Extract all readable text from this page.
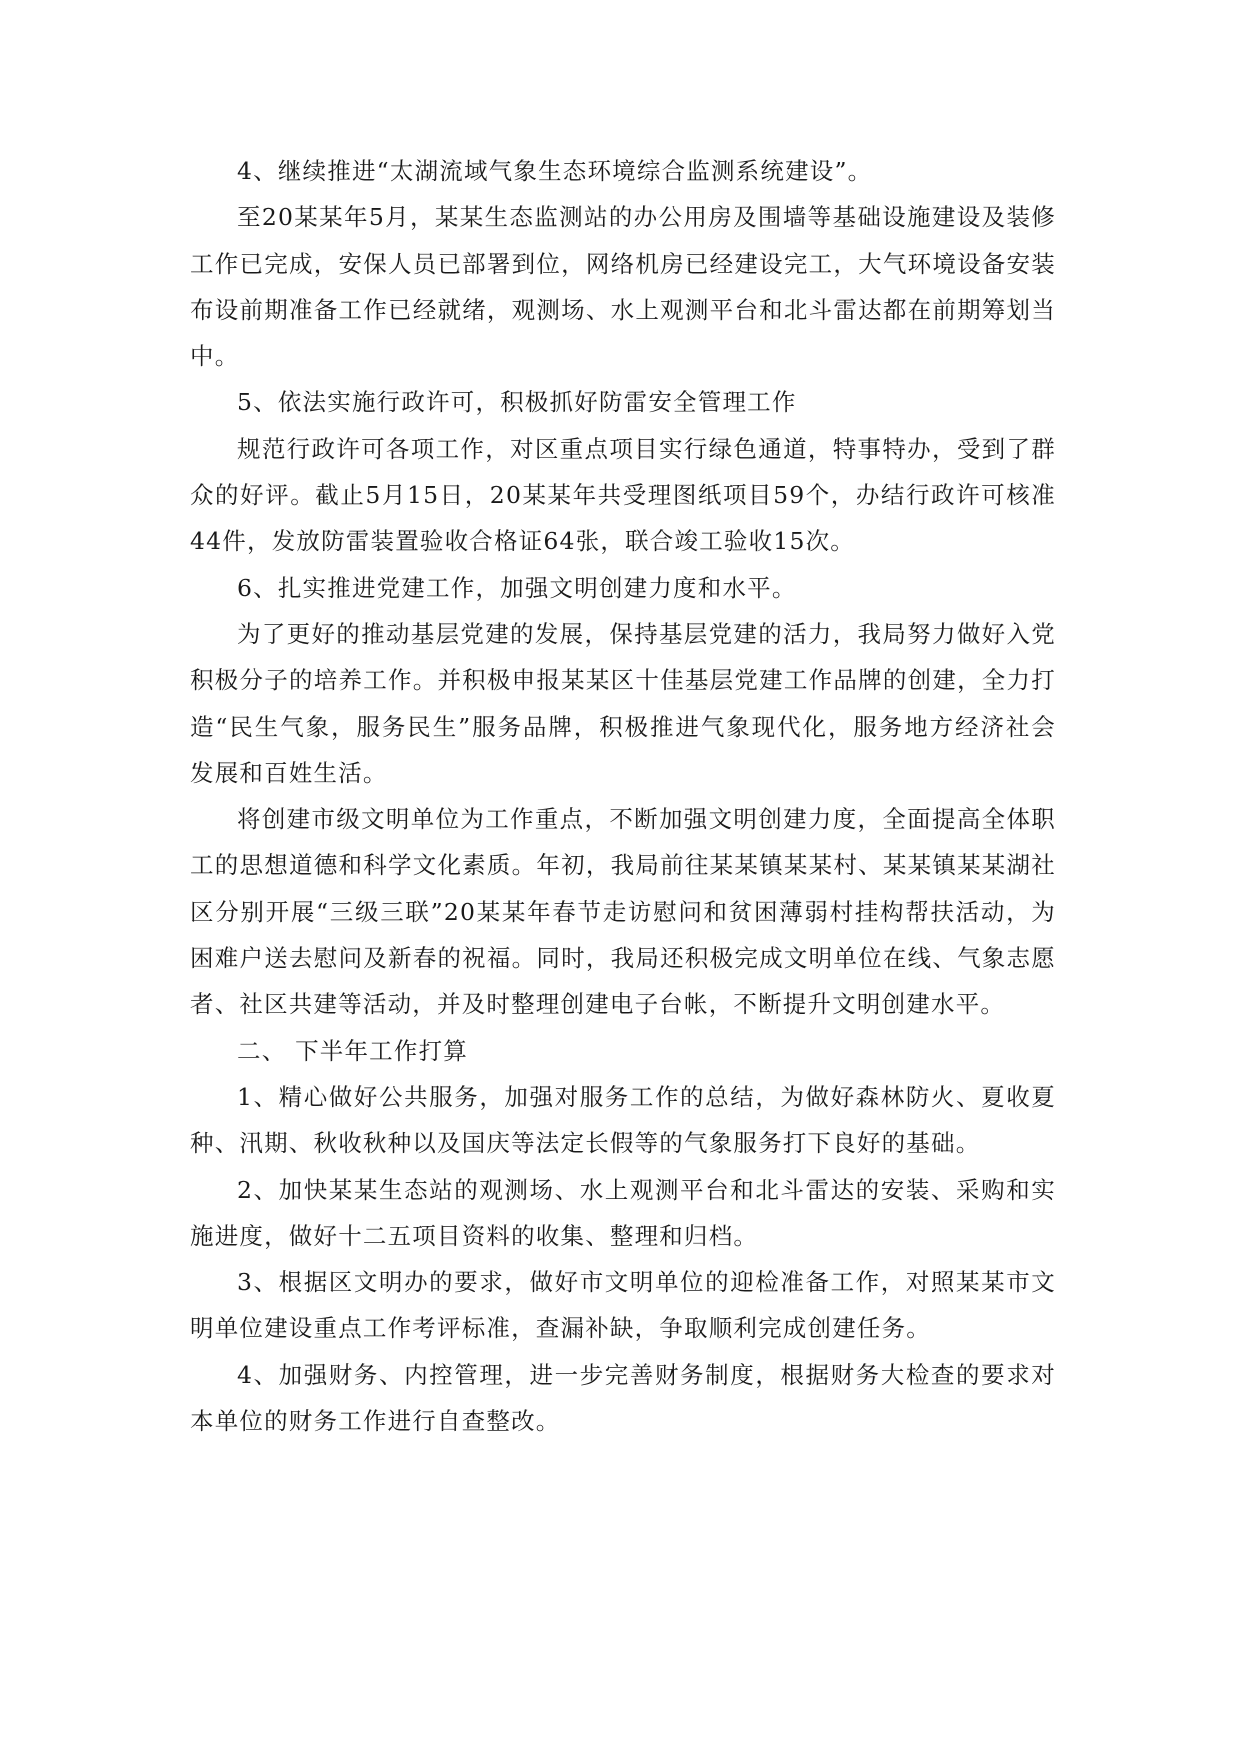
4、继续推进“太湖流域气象生态环境综合监测系统建设”。

至20某某年5月，某某生态监测站的办公用房及围墙等基础设施建设及装修工作已完成，安保人员已部署到位，网络机房已经建设完工，大气环境设备安装布设前期准备工作已经就绪，观测场、水上观测平台和北斗雷达都在前期筹划当中。

5、依法实施行政许可，积极抓好防雷安全管理工作

规范行政许可各项工作，对区重点项目实行绿色通道，特事特办，受到了群众的好评。截止5月15日，20某某年共受理图纸项目59个，办结行政许可核准44件，发放防雷装置验收合格证64张，联合竣工验收15次。

6、扎实推进党建工作，加强文明创建力度和水平。

为了更好的推动基层党建的发展，保持基层党建的活力，我局努力做好入党积极分子的培养工作。并积极申报某某区十佳基层党建工作品牌的创建，全力打造“民生气象，服务民生”服务品牌，积极推进气象现代化，服务地方经济社会发展和百姓生活。

将创建市级文明单位为工作重点，不断加强文明创建力度，全面提高全体职工的思想道德和科学文化素质。年初，我局前往某某镇某某村、某某镇某某湖社区分别开展“三级三联”20某某年春节走访慰问和贫困薄弱村挂构帮扶活动，为困难户送去慰问及新春的祝福。同时，我局还积极完成文明单位在线、气象志愿者、社区共建等活动，并及时整理创建电子台帐，不断提升文明创建水平。

二、 下半年工作打算

1、精心做好公共服务，加强对服务工作的总结，为做好森林防火、夏收夏种、汛期、秋收秋种以及国庆等法定长假等的气象服务打下良好的基础。

2、加快某某生态站的观测场、水上观测平台和北斗雷达的安装、采购和实施进度，做好十二五项目资料的收集、整理和归档。

3、根据区文明办的要求，做好市文明单位的迎检准备工作，对照某某市文明单位建设重点工作考评标准，查漏补缺，争取顺利完成创建任务。

4、加强财务、内控管理，进一步完善财务制度，根据财务大检查的要求对本单位的财务工作进行自查整改。
